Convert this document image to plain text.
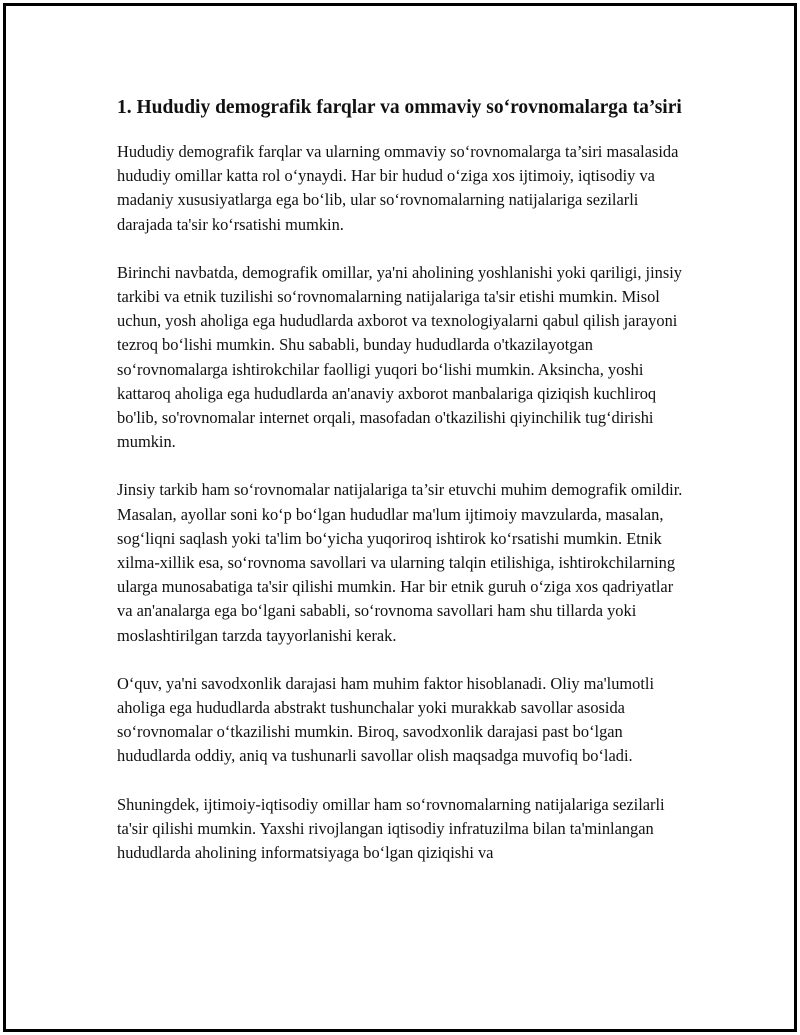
1. Hududiy demografik farqlar va ommaviy so‘rovnomalarga ta’siri

Hududiy demografik farqlar va ularning ommaviy so‘rovnomalarga ta’siri masalasida hududiy omillar katta rol o‘ynaydi. Har bir hudud o‘ziga xos ijtimoiy, iqtisodiy va madaniy xususiyatlarga ega bo‘lib, ular so‘rovnomalarning natijalariga sezilarli darajada ta'sir ko‘rsatishi mumkin.

Birinchi navbatda, demografik omillar, ya'ni aholining yoshlanishi yoki qariligi, jinsiy tarkibi va etnik tuzilishi so‘rovnomalarning natijalariga ta'sir etishi mumkin. Misol uchun, yosh aholiga ega hududlarda axborot va texnologiyalarni qabul qilish jarayoni tezroq bo‘lishi mumkin. Shu sababli, bunday hududlarda o'tkazilayotgan so‘rovnomalarga ishtirokchilar faolligi yuqori bo‘lishi mumkin. Aksincha, yoshi kattaroq aholiga ega hududlarda an'anaviy axborot manbalariga qiziqish kuchliroq bo'lib, so'rovnomalar internet orqali, masofadan o'tkazilishi qiyinchilik tug‘dirishi mumkin.

Jinsiy tarkib ham so‘rovnomalar natijalariga ta’sir etuvchi muhim demografik omildir. Masalan, ayollar soni ko‘p bo‘lgan hududlar ma'lum ijtimoiy mavzularda, masalan, sog‘liqni saqlash yoki ta'lim bo‘yicha yuqoriroq ishtirok ko‘rsatishi mumkin. Etnik xilma-xillik esa, so‘rovnoma savollari va ularning talqin etilishiga, ishtirokchilarning ularga munosabatiga ta'sir qilishi mumkin. Har bir etnik guruh o‘ziga xos qadriyatlar va an'analarga ega bo‘lgani sababli, so‘rovnoma savollari ham shu tillarda yoki moslashtirilgan tarzda tayyorlanishi kerak.

O‘quv, ya'ni savodxonlik darajasi ham muhim faktor hisoblanadi. Oliy ma'lumotli aholiga ega hududlarda abstrakt tushunchalar yoki murakkab savollar asosida so‘rovnomalar o‘tkazilishi mumkin. Biroq, savodxonlik darajasi past bo‘lgan hududlarda oddiy, aniq va tushunarli savollar olish maqsadga muvofiq bo‘ladi.

Shuningdek, ijtimoiy-iqtisodiy omillar ham so‘rovnomalarning natijalariga sezilarli ta'sir qilishi mumkin. Yaxshi rivojlangan iqtisodiy infratuzilma bilan ta'minlangan hududlarda aholining informatsiyaga bo‘lgan qiziqishi va
